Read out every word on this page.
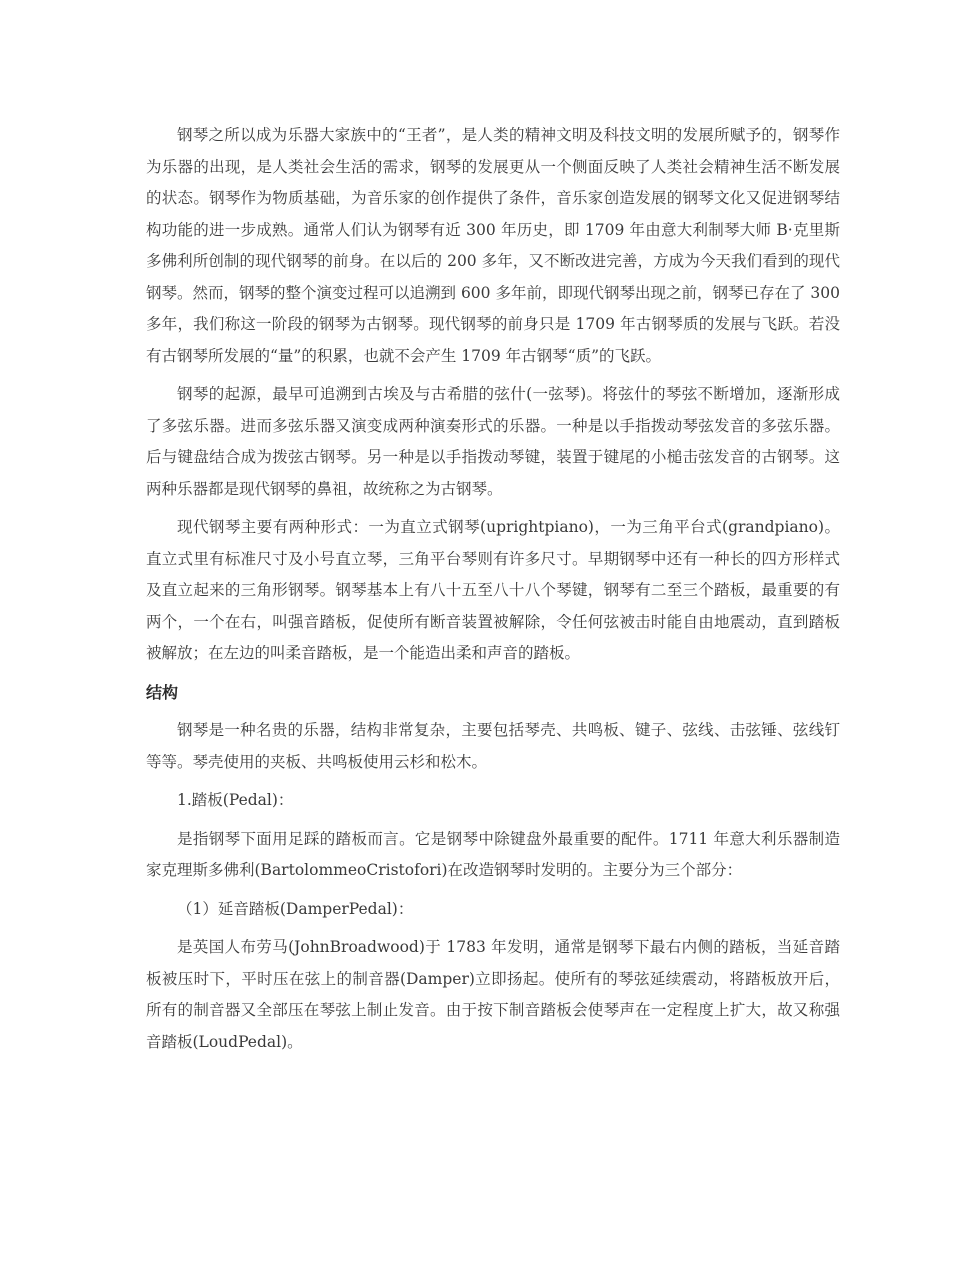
钢琴之所以成为乐器大家族中的“王者”，是人类的精神文明及科技文明的发展所赋予的，钢琴作为乐器的出现，是人类社会生活的需求，钢琴的发展更从一个侧面反映了人类社会精神生活不断发展的状态。钢琴作为物质基础，为音乐家的创作提供了条件，音乐家创造发展的钢琴文化又促进钢琴结构功能的进一步成熟。通常人们认为钢琴有近 300 年历史，即 1709 年由意大利制琴大师 B·克里斯多佛利所创制的现代钢琴的前身。在以后的 200 多年，又不断改进完善，方成为今天我们看到的现代钢琴。然而，钢琴的整个演变过程可以追溯到 600 多年前，即现代钢琴出现之前，钢琴已存在了 300 多年，我们称这一阶段的钢琴为古钢琴。现代钢琴的前身只是 1709 年古钢琴质的发展与飞跃。若没有古钢琴所发展的“量”的积累，也就不会产生 1709 年古钢琴“质”的飞跃。

钢琴的起源，最早可追溯到古埃及与古希腊的弦什(一弦琴)。将弦什的琴弦不断增加，逐渐形成了多弦乐器。进而多弦乐器又演变成两种演奏形式的乐器。一种是以手指拨动琴弦发音的多弦乐器。后与键盘结合成为拨弦古钢琴。另一种是以手指拨动琴键，装置于键尾的小槌击弦发音的古钢琴。这两种乐器都是现代钢琴的鼻祖，故统称之为古钢琴。

现代钢琴主要有两种形式：一为直立式钢琴(uprightpiano)，一为三角平台式(grandpiano)。直立式里有标准尺寸及小号直立琴，三角平台琴则有许多尺寸。早期钢琴中还有一种长的四方形样式及直立起来的三角形钢琴。钢琴基本上有八十五至八十八个琴键，钢琴有二至三个踏板，最重要的有两个，一个在右，叫强音踏板，促使所有断音装置被解除，令任何弦被击时能自由地震动，直到踏板被解放；在左边的叫柔音踏板，是一个能造出柔和声音的踏板。

结构

钢琴是一种名贵的乐器，结构非常复杂，主要包括琴壳、共鸣板、键子、弦线、击弦锤、弦线钉等等。琴壳使用的夹板、共鸣板使用云杉和松木。

1.踏板(Pedal)：

是指钢琴下面用足踩的踏板而言。它是钢琴中除键盘外最重要的配件。1711 年意大利乐器制造家克理斯多佛利(BartolommeoCristofori)在改造钢琴时发明的。主要分为三个部分：

（1）延音踏板(DamperPedal)：

是英国人布劳马(JohnBroadwood)于 1783 年发明，通常是钢琴下最右内侧的踏板，当延音踏板被压时下，平时压在弦上的制音器(Damper)立即扬起。使所有的琴弦延续震动，将踏板放开后，所有的制音器又全部压在琴弦上制止发音。由于按下制音踏板会使琴声在一定程度上扩大，故又称强音踏板(LoudPedal)。
